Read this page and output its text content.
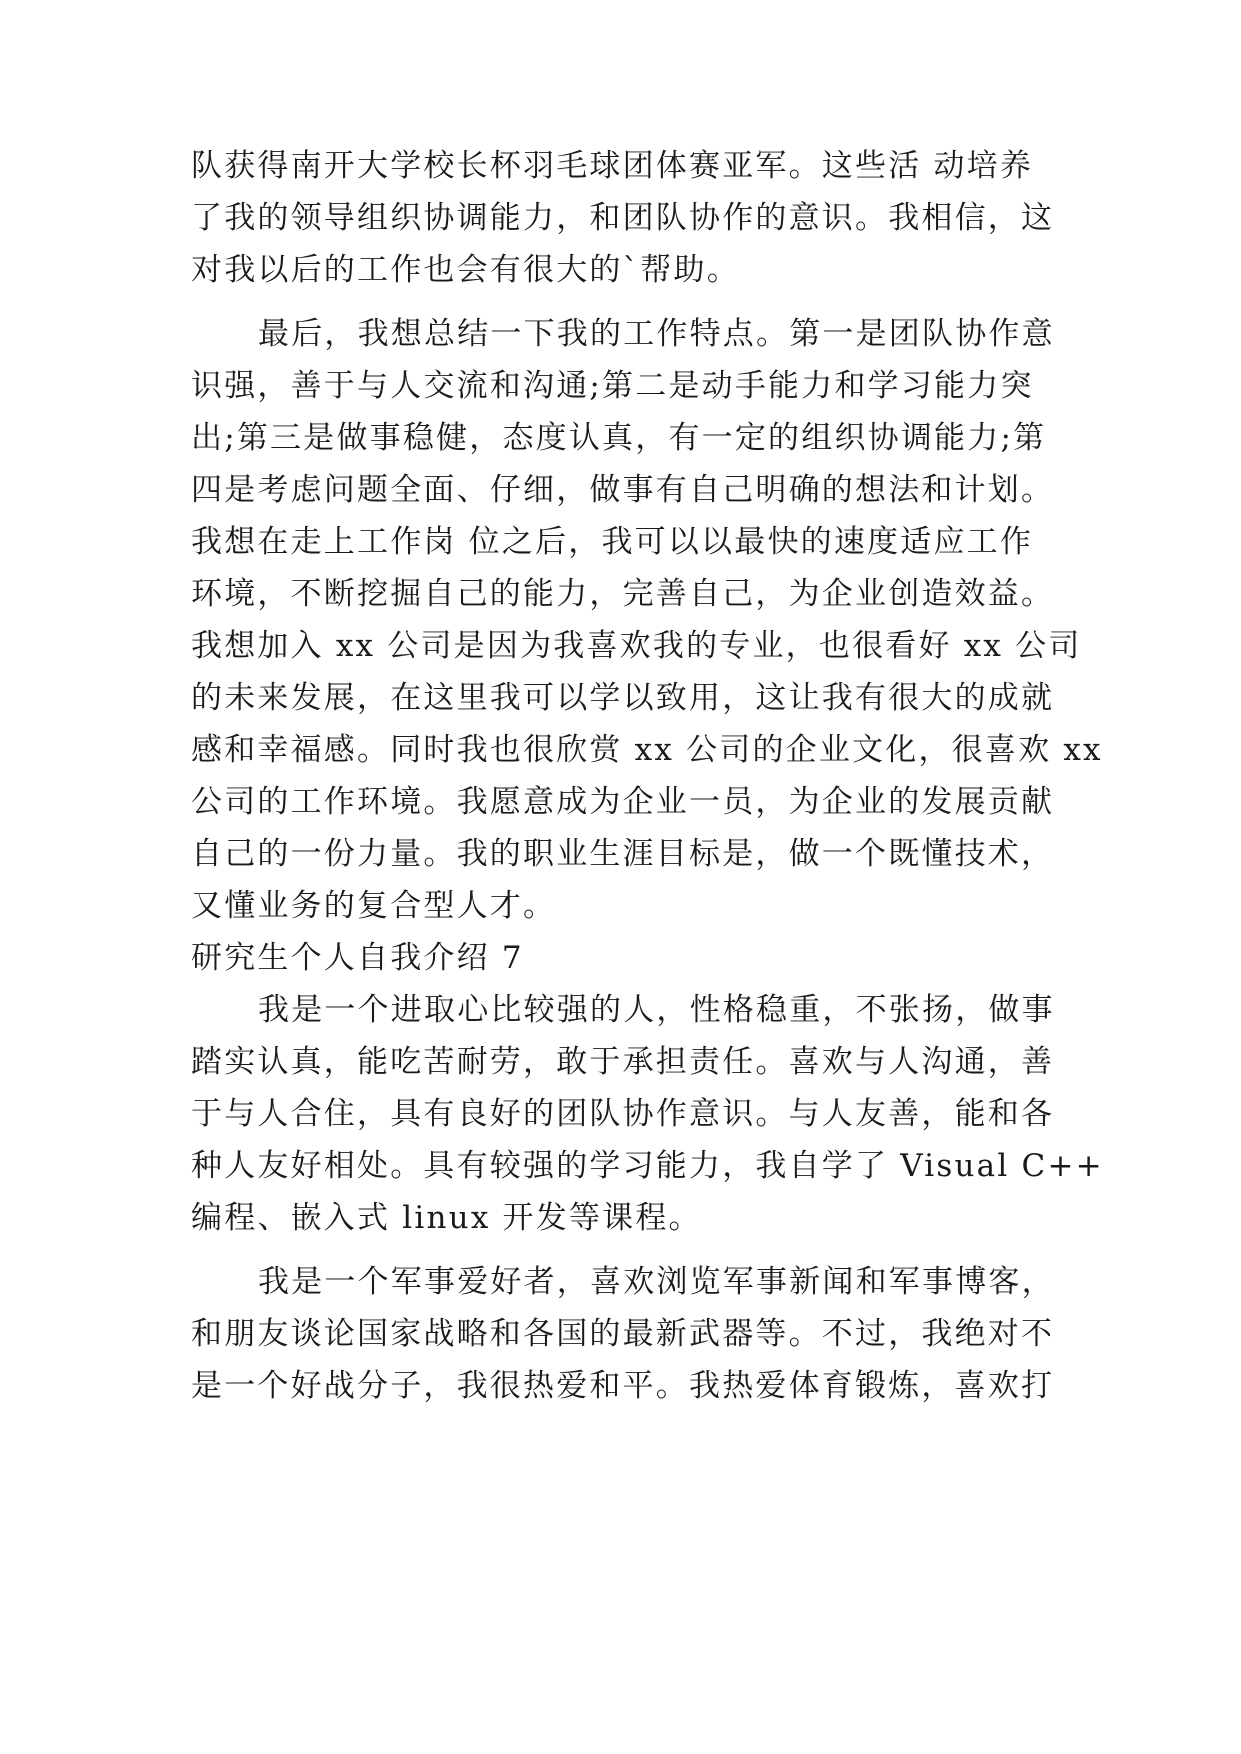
队获得南开大学校长杯羽毛球团体赛亚军。这些活 动培养
了我的领导组织协调能力，和团队协作的意识。我相信，这
对我以后的工作也会有很大的`帮助。
最后，我想总结一下我的工作特点。第一是团队协作意
识强，善于与人交流和沟通;第二是动手能力和学习能力突
出;第三是做事稳健，态度认真，有一定的组织协调能力;第
四是考虑问题全面、仔细，做事有自己明确的想法和计划。
我想在走上工作岗 位之后，我可以以最快的速度适应工作
环境，不断挖掘自己的能力，完善自己，为企业创造效益。
我想加入 xx 公司是因为我喜欢我的专业，也很看好 xx 公司
的未来发展，在这里我可以学以致用，这让我有很大的成就
感和幸福感。同时我也很欣赏 xx 公司的企业文化，很喜欢 xx
公司的工作环境。我愿意成为企业一员，为企业的发展贡献
自己的一份力量。我的职业生涯目标是，做一个既懂技术，
又懂业务的复合型人才。
研究生个人自我介绍 7
我是一个进取心比较强的人，性格稳重，不张扬，做事
踏实认真，能吃苦耐劳，敢于承担责任。喜欢与人沟通，善
于与人合住，具有良好的团队协作意识。与人友善，能和各
种人友好相处。具有较强的学习能力，我自学了 Visual C++
编程、嵌入式 linux 开发等课程。
我是一个军事爱好者，喜欢浏览军事新闻和军事博客，
和朋友谈论国家战略和各国的最新武器等。不过，我绝对不
是一个好战分子，我很热爱和平。我热爱体育锻炼，喜欢打
